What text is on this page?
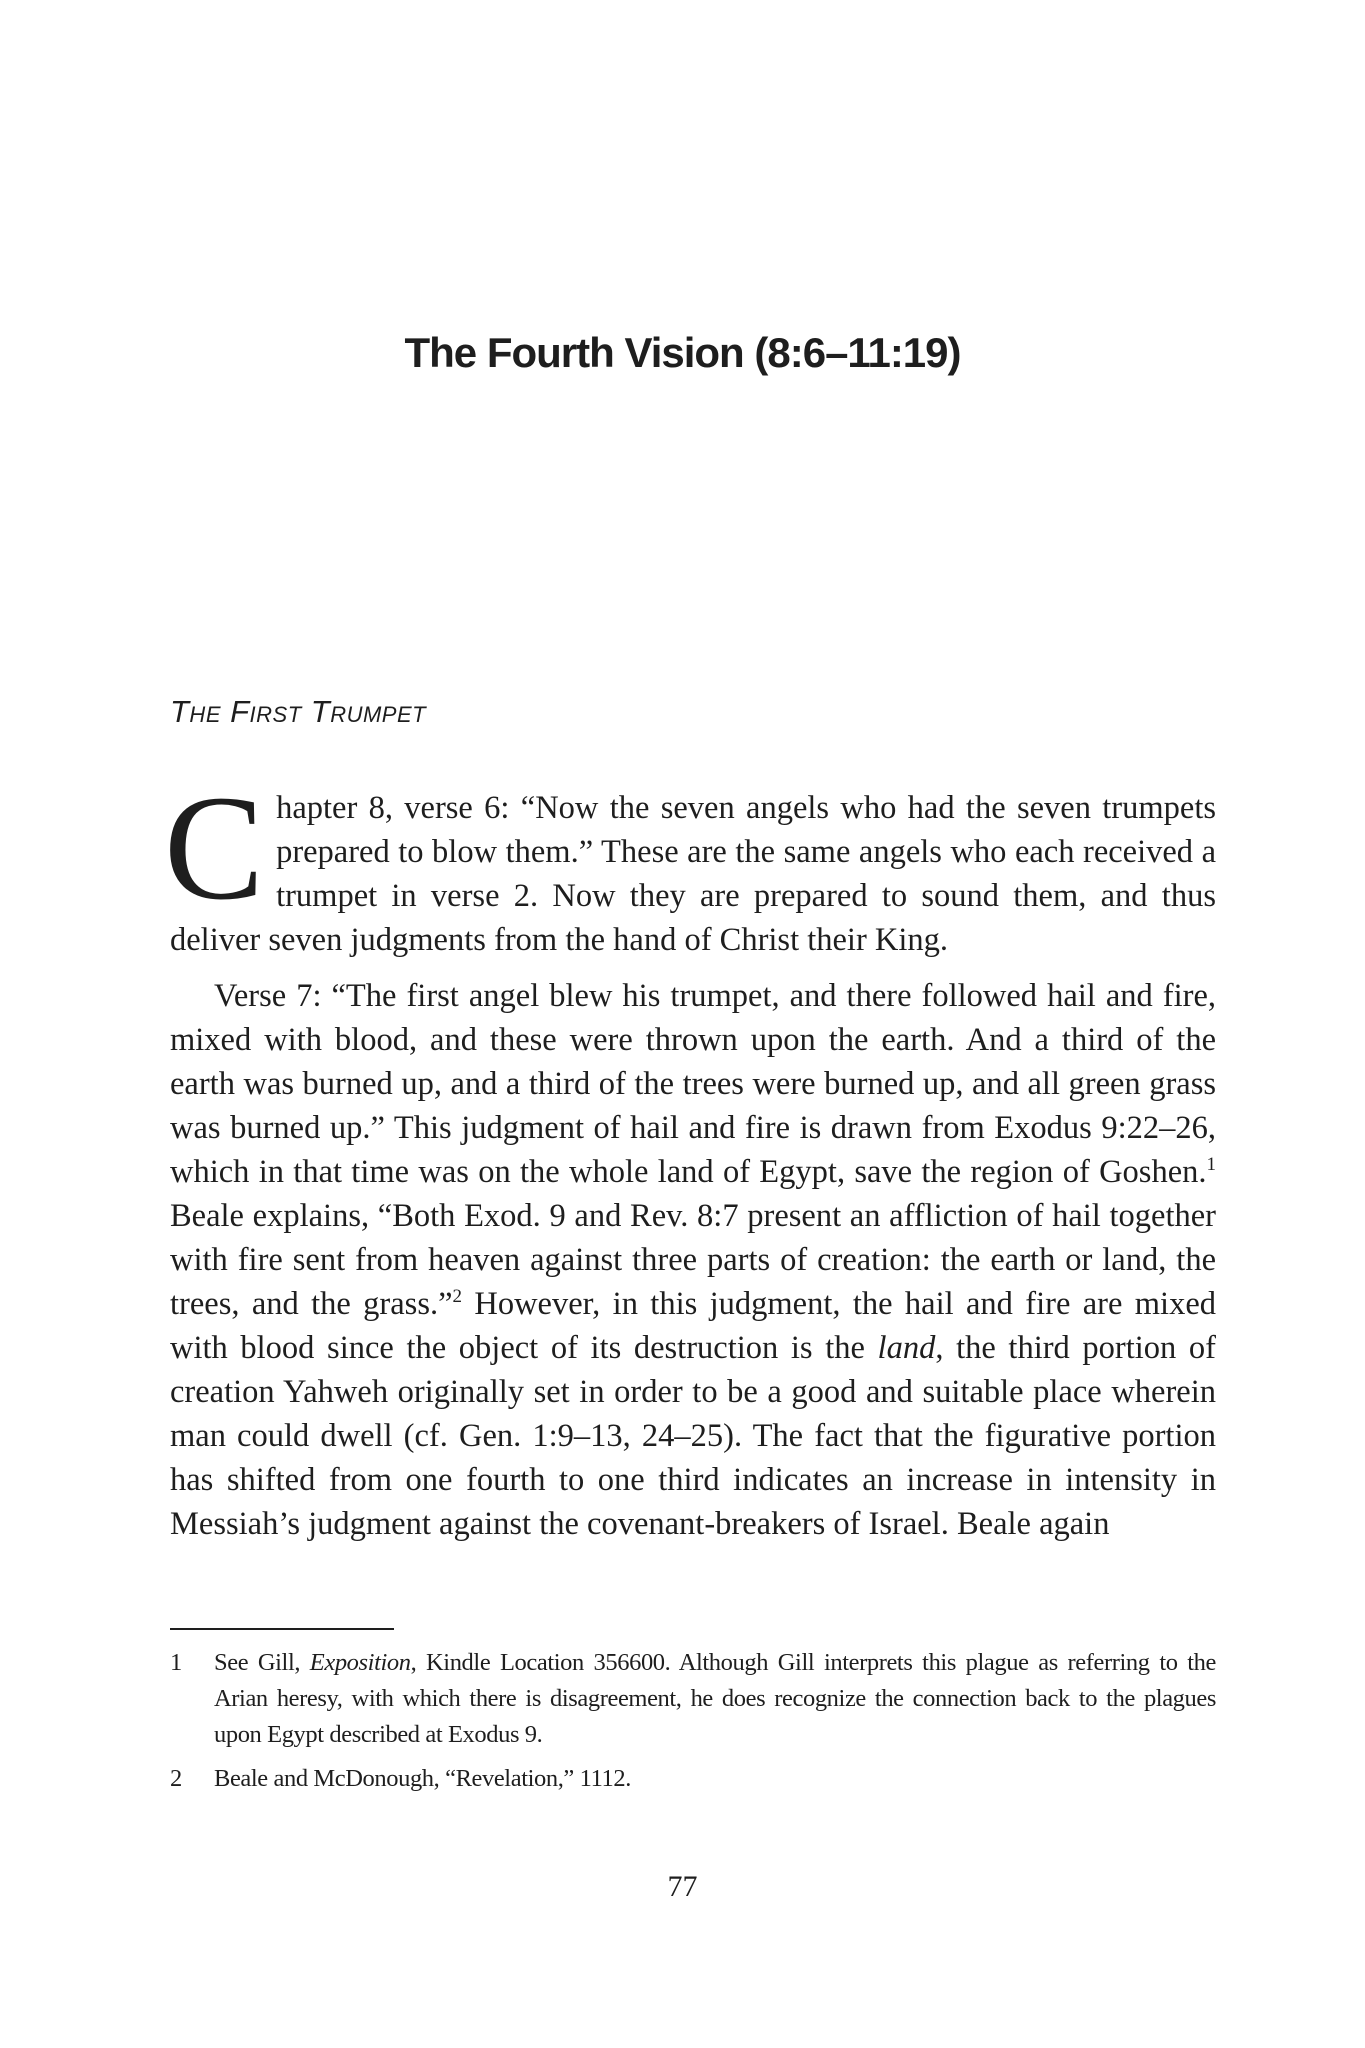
The Fourth Vision (8:6–11:19)
The First Trumpet

Chapter 8, verse 6: “Now the seven angels who had the seven trumpets prepared to blow them.” These are the same angels who each received a trumpet in verse 2. Now they are prepared to sound them, and thus deliver seven judgments from the hand of Christ their King.

Verse 7: “The first angel blew his trumpet, and there followed hail and fire, mixed with blood, and these were thrown upon the earth. And a third of the earth was burned up, and a third of the trees were burned up, and all green grass was burned up.” This judgment of hail and fire is drawn from Exodus 9:22–26, which in that time was on the whole land of Egypt, save the region of Goshen.$^1$ Beale explains, “Both Exod. 9 and Rev. 8:7 present an affliction of hail together with fire sent from heaven against three parts of creation: the earth or land, the trees, and the grass.”$^2$ However, in this judgment, the hail and fire are mixed with blood since the object of its destruction is the land, the third portion of creation Yahweh originally set in order to be a good and suitable place wherein man could dwell (cf. Gen. 1:9–13, 24–25). The fact that the figurative portion has shifted from one fourth to one third indicates an increase in intensity in Messiah’s judgment against the covenant-breakers of Israel. Beale again

1	See Gill, Exposition, Kindle Location 356600. Although Gill interprets this plague as referring to the Arian heresy, with which there is disagreement, he does recognize the connection back to the plagues upon Egypt described at Exodus 9.
2	Beale and McDonough, “Revelation,” 1112.
77
